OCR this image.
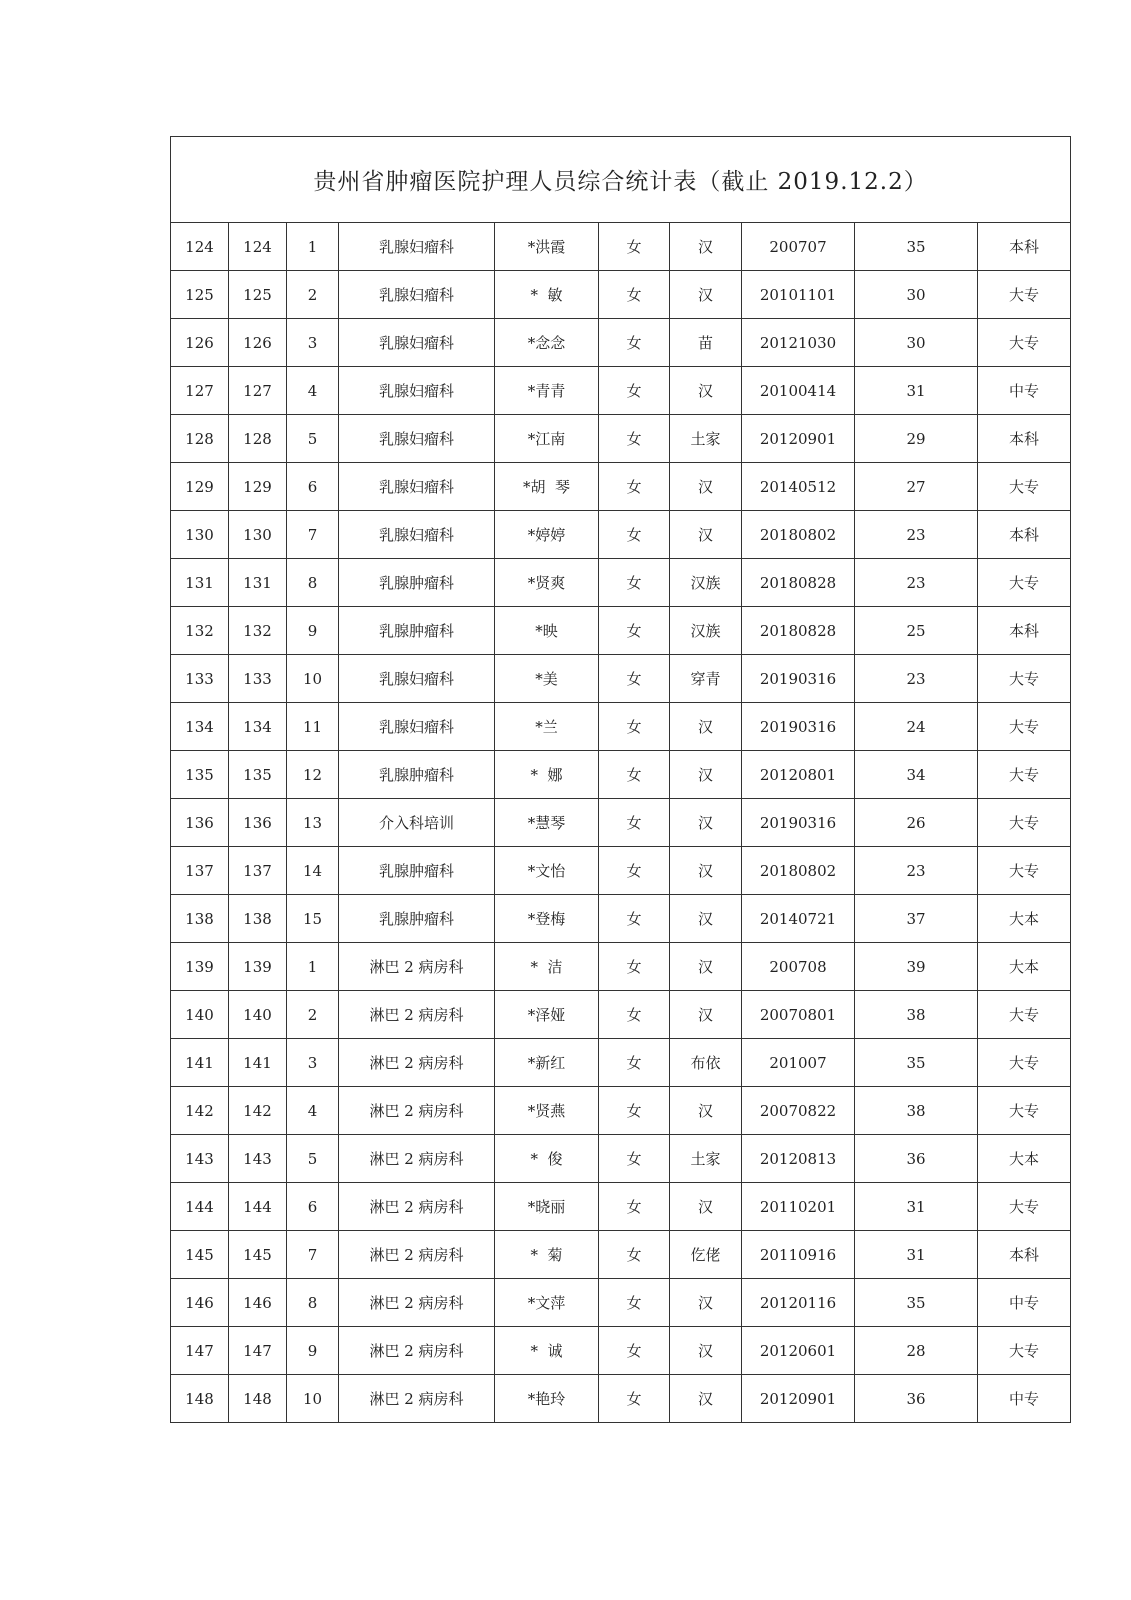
贵州省肿瘤医院护理人员综合统计表（截止 2019.12.2）									
124	124	1	乳腺妇瘤科	*洪霞	女	汉	200707	35	本科
125	125	2	乳腺妇瘤科	*  敏	女	汉	20101101	30	大专
126	126	3	乳腺妇瘤科	*念念	女	苗	20121030	30	大专
127	127	4	乳腺妇瘤科	*青青	女	汉	20100414	31	中专
128	128	5	乳腺妇瘤科	*江南	女	土家	20120901	29	本科
129	129	6	乳腺妇瘤科	*胡  琴	女	汉	20140512	27	大专
130	130	7	乳腺妇瘤科	*婷婷	女	汉	20180802	23	本科
131	131	8	乳腺肿瘤科	*贤爽	女	汉族	20180828	23	大专
132	132	9	乳腺肿瘤科	*映	女	汉族	20180828	25	本科
133	133	10	乳腺妇瘤科	*美	女	穿青	20190316	23	大专
134	134	11	乳腺妇瘤科	*兰	女	汉	20190316	24	大专
135	135	12	乳腺肿瘤科	*  娜	女	汉	20120801	34	大专
136	136	13	介入科培训	*慧琴	女	汉	20190316	26	大专
137	137	14	乳腺肿瘤科	*文怡	女	汉	20180802	23	大专
138	138	15	乳腺肿瘤科	*登梅	女	汉	20140721	37	大本
139	139	1	淋巴 2 病房科	*  洁	女	汉	200708	39	大本
140	140	2	淋巴 2 病房科	*泽娅	女	汉	20070801	38	大专
141	141	3	淋巴 2 病房科	*新红	女	布依	201007	35	大专
142	142	4	淋巴 2 病房科	*贤燕	女	汉	20070822	38	大专
143	143	5	淋巴 2 病房科	*  俊	女	土家	20120813	36	大本
144	144	6	淋巴 2 病房科	*晓丽	女	汉	20110201	31	大专
145	145	7	淋巴 2 病房科	*  菊	女	仡佬	20110916	31	本科
146	146	8	淋巴 2 病房科	*文萍	女	汉	20120116	35	中专
147	147	9	淋巴 2 病房科	*  诚	女	汉	20120601	28	大专
148	148	10	淋巴 2 病房科	*艳玲	女	汉	20120901	36	中专
